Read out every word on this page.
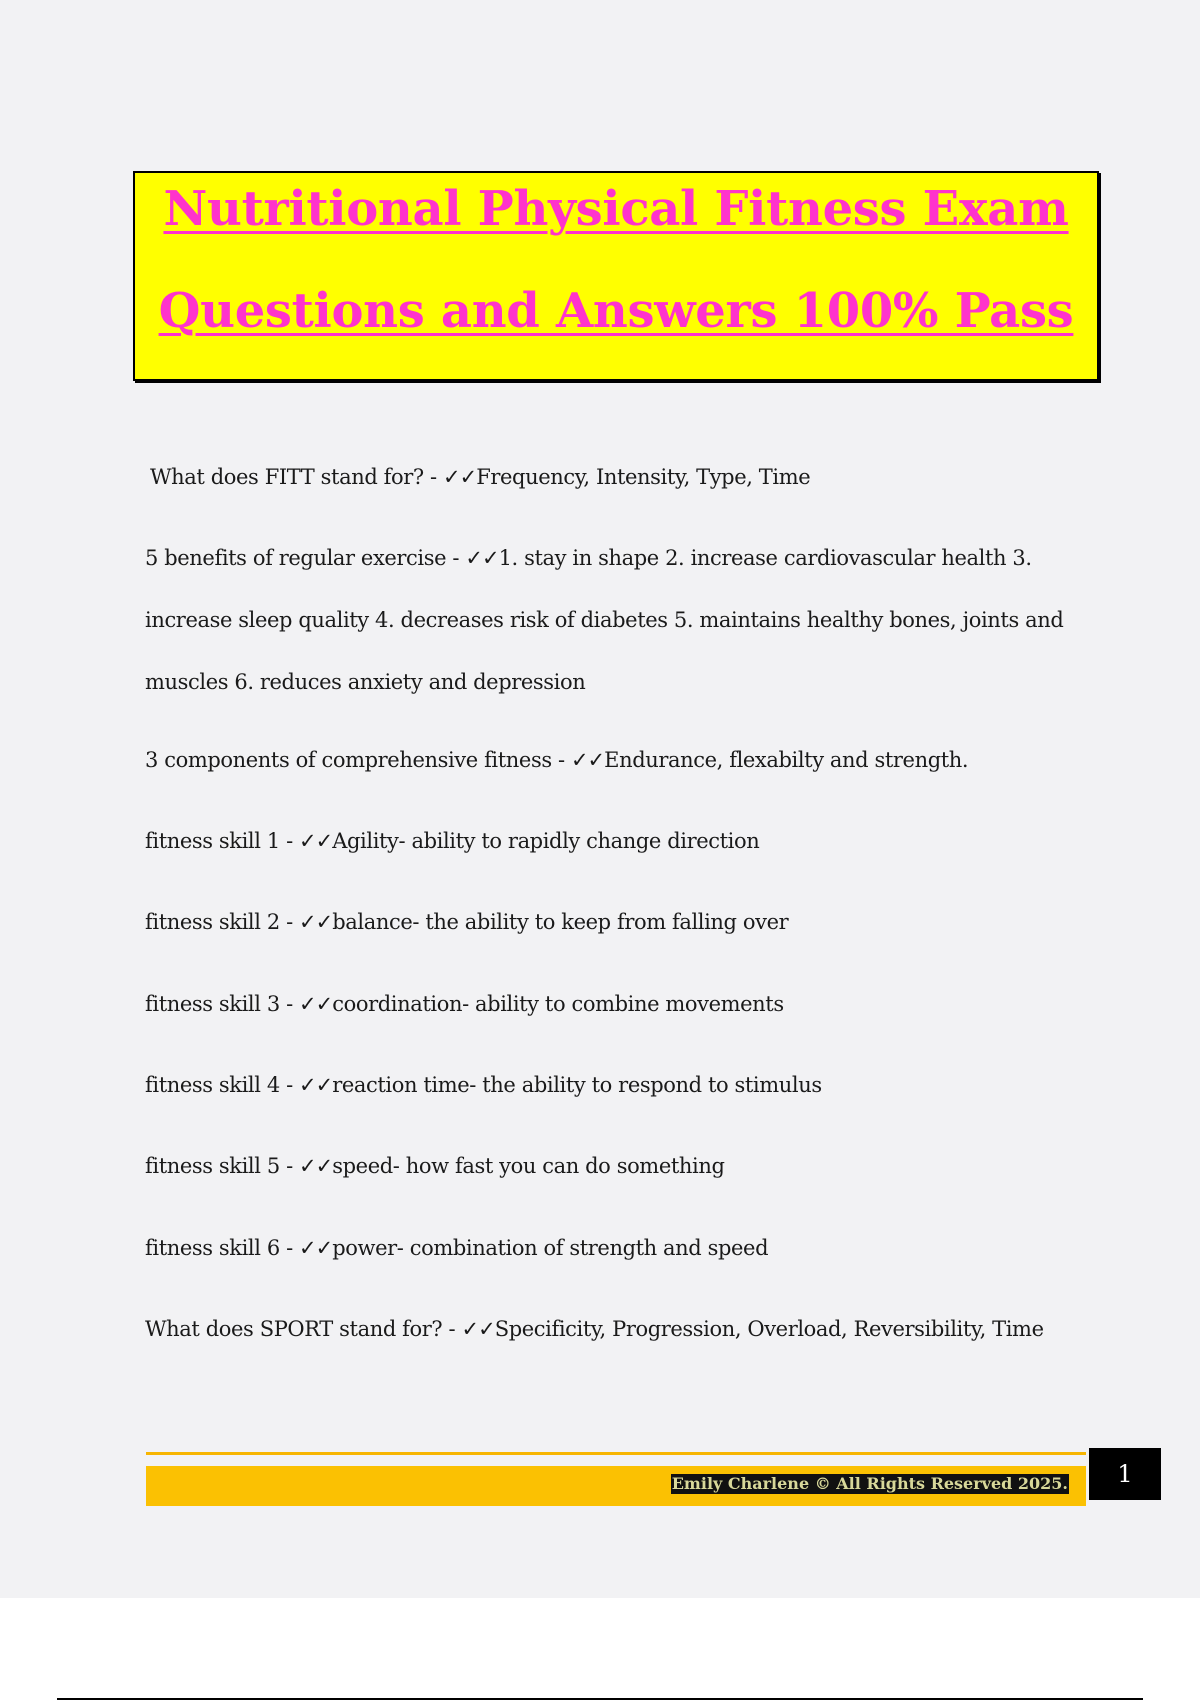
Nutritional Physical Fitness Exam
Questions and Answers 100% Pass

What does FITT stand for? - ✓✓Frequency, Intensity, Type, Time

5 benefits of regular exercise - ✓✓1. stay in shape 2. increase cardiovascular health 3. increase sleep quality 4. decreases risk of diabetes 5. maintains healthy bones, joints and muscles 6. reduces anxiety and depression

3 components of comprehensive fitness - ✓✓Endurance, flexabilty and strength.

fitness skill 1 - ✓✓Agility- ability to rapidly change direction

fitness skill 2 - ✓✓balance- the ability to keep from falling over

fitness skill 3 - ✓✓coordination- ability to combine movements

fitness skill 4 - ✓✓reaction time- the ability to respond to stimulus

fitness skill 5 - ✓✓speed- how fast you can do something

fitness skill 6 - ✓✓power- combination of strength and speed

What does SPORT stand for? - ✓✓Specificity, Progression, Overload, Reversibility, Time

Emily Charlene © All Rights Reserved 2025.	1
